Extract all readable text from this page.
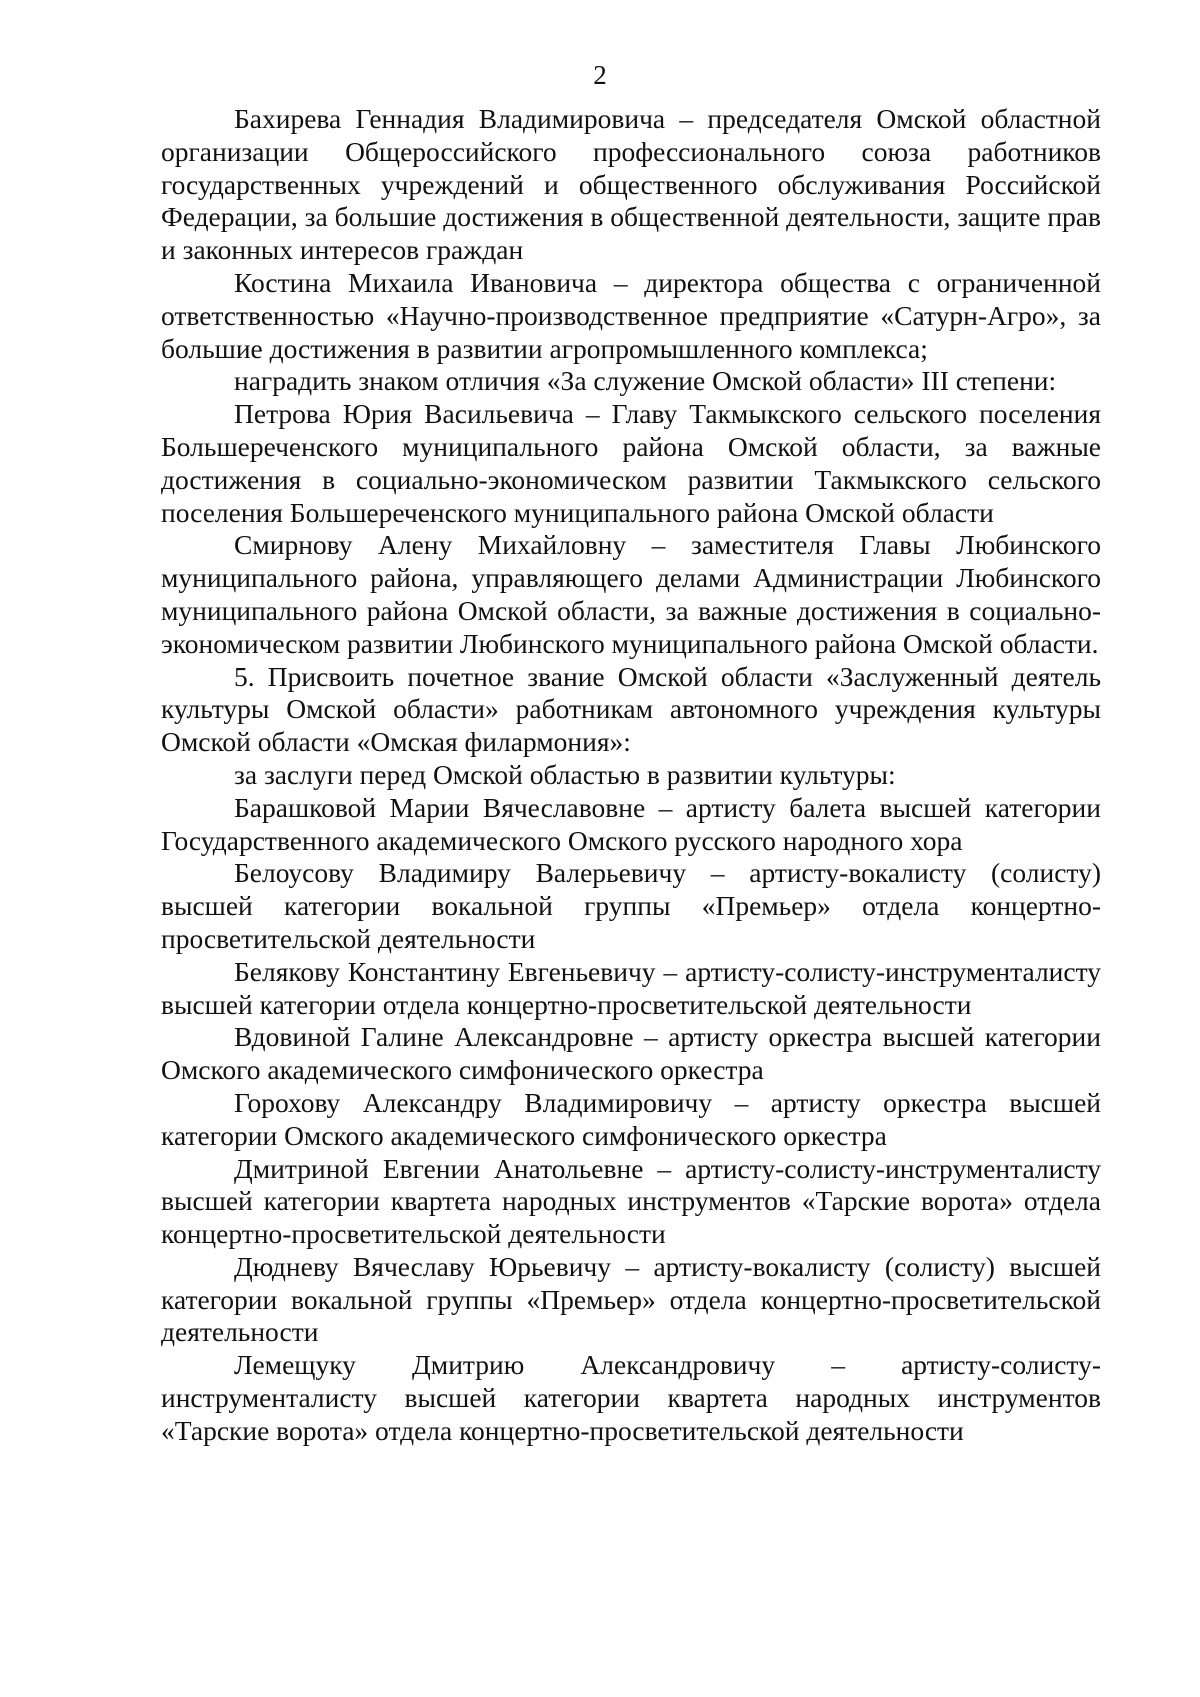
2

Бахирева Геннадия Владимировича – председателя Омской областной организации Общероссийского профессионального союза работников государственных учреждений и общественного обслуживания Российской Федерации, за большие достижения в общественной деятельности, защите прав и законных интересов граждан

Костина Михаила Ивановича – директора общества с ограниченной ответственностью «Научно-производственное предприятие «Сатурн-Агро», за большие достижения в развитии агропромышленного комплекса;

наградить знаком отличия «За служение Омской области» III степени:

Петрова Юрия Васильевича – Главу Такмыкского сельского поселения Большереченского муниципального района Омской области, за важные достижения в социально-экономическом развитии Такмыкского сельского поселения Большереченского муниципального района Омской области

Смирнову Алену Михайловну – заместителя Главы Любинского муниципального района, управляющего делами Администрации Любинского муниципального района Омской области, за важные достижения в социально-экономическом развитии Любинского муниципального района Омской области.

5. Присвоить почетное звание Омской области «Заслуженный деятель культуры Омской области» работникам автономного учреждения культуры Омской области «Омская филармония»:

за заслуги перед Омской областью в развитии культуры:

Барашковой Марии Вячеславовне – артисту балета высшей категории Государственного академического Омского русского народного хора

Белоусову Владимиру Валерьевичу – артисту-вокалисту (солисту) высшей категории вокальной группы «Премьер» отдела концертно-просветительской деятельности

Белякову Константину Евгеньевичу – артисту-солисту-инструменталисту высшей категории отдела концертно-просветительской деятельности

Вдовиной Галине Александровне – артисту оркестра высшей категории Омского академического симфонического оркестра

Горохову Александру Владимировичу – артисту оркестра высшей категории Омского академического симфонического оркестра

Дмитриной Евгении Анатольевне – артисту-солисту-инструменталисту высшей категории квартета народных инструментов «Тарские ворота» отдела концертно-просветительской деятельности

Дюдневу Вячеславу Юрьевичу – артисту-вокалисту (солисту) высшей категории вокальной группы «Премьер» отдела концертно-просветительской деятельности

Лемещуку Дмитрию Александровичу – артисту-солисту-инструменталисту высшей категории квартета народных инструментов «Тарские ворота» отдела концертно-просветительской деятельности
